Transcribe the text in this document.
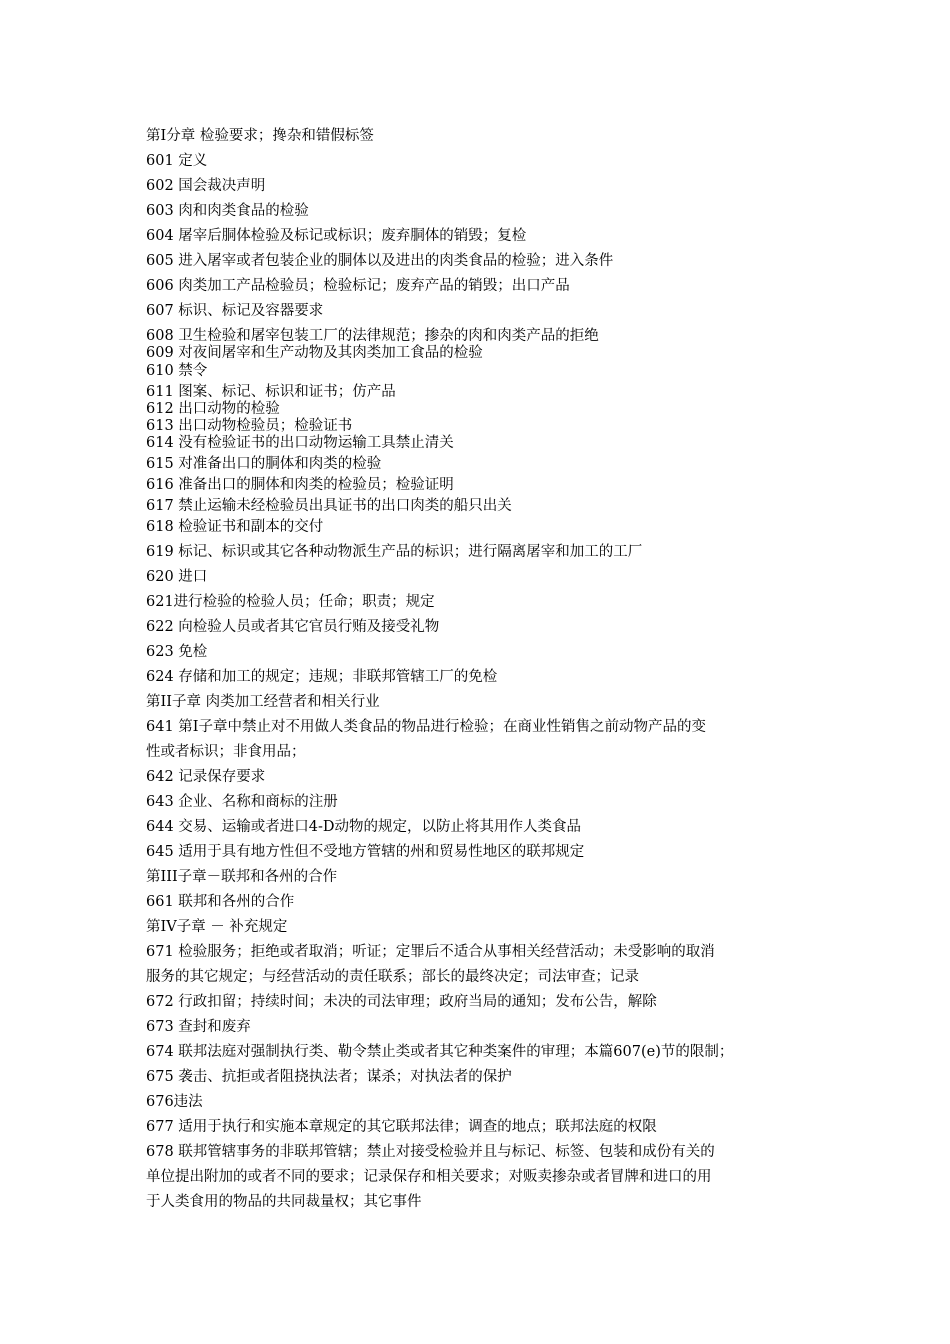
第Ⅰ分章 检验要求；搀杂和错假标签
601 定义
602 国会裁决声明
603 肉和肉类食品的检验
604 屠宰后胴体检验及标记或标识；废弃胴体的销毁；复检
605 进入屠宰或者包装企业的胴体以及进出的肉类食品的检验；进入条件
606 肉类加工产品检验员；检验标记；废弃产品的销毁；出口产品
607 标识、标记及容器要求
608 卫生检验和屠宰包装工厂的法律规范；掺杂的肉和肉类产品的拒绝
609 对夜间屠宰和生产动物及其肉类加工食品的检验
610 禁令
611 图案、标记、标识和证书；仿产品
612 出口动物的检验
613 出口动物检验员；检验证书
614 没有检验证书的出口动物运输工具禁止清关
615 对准备出口的胴体和肉类的检验
616 准备出口的胴体和肉类的检验员；检验证明
617 禁止运输未经检验员出具证书的出口肉类的船只出关
618 检验证书和副本的交付
619 标记、标识或其它各种动物派生产品的标识；进行隔离屠宰和加工的工厂
620 进口
621进行检验的检验人员；任命；职责；规定
622 向检验人员或者其它官员行贿及接受礼物
623 免检
624 存储和加工的规定；违规；非联邦管辖工厂的免检
第II子章 肉类加工经营者和相关行业
641 第Ⅰ子章中禁止对不用做人类食品的物品进行检验；在商业性销售之前动物产品的变
性或者标识；非食用品；
642 记录保存要求
643 企业、名称和商标的注册
644 交易、运输或者进口4-D动物的规定，以防止将其用作人类食品
645 适用于具有地方性但不受地方管辖的州和贸易性地区的联邦规定
第III子章－联邦和各州的合作
661 联邦和各州的合作
第IV子章 － 补充规定
671 检验服务；拒绝或者取消；听证；定罪后不适合从事相关经营活动；未受影响的取消
服务的其它规定；与经营活动的责任联系；部长的最终决定；司法审查；记录
672 行政扣留；持续时间；未决的司法审理；政府当局的通知；发布公告，解除
673 查封和废弃
674 联邦法庭对强制执行类、勒令禁止类或者其它种类案件的审理；本篇607(e)节的限制；
675 袭击、抗拒或者阻挠执法者；谋杀；对执法者的保护
676违法
677 适用于执行和实施本章规定的其它联邦法律；调查的地点；联邦法庭的权限
678 联邦管辖事务的非联邦管辖；禁止对接受检验并且与标记、标签、包装和成份有关的
单位提出附加的或者不同的要求；记录保存和相关要求；对贩卖掺杂或者冒牌和进口的用
于人类食用的物品的共同裁量权；其它事件
